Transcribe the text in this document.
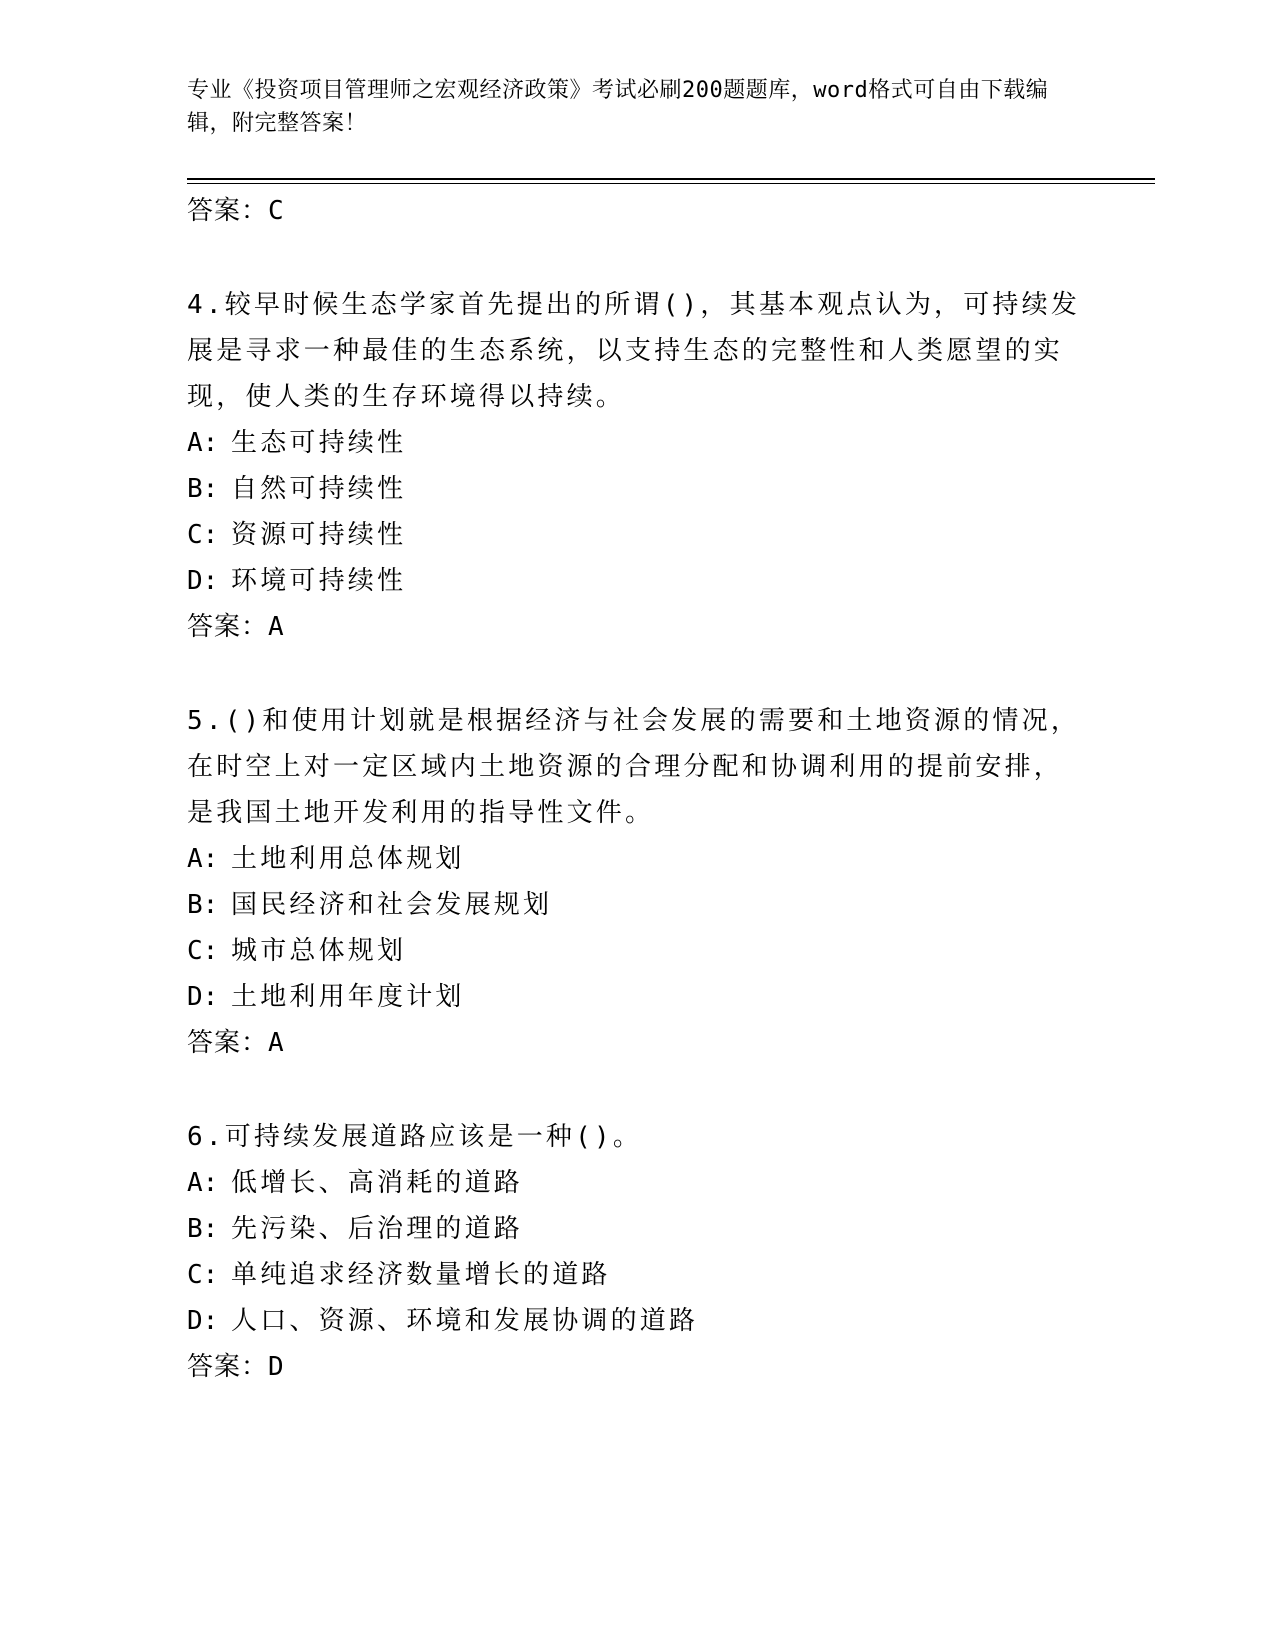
专业《投资项目管理师之宏观经济政策》考试必刷200题题库，word格式可自由下载编辑，附完整答案！
答案：C
4.较早时候生态学家首先提出的所谓()，其基本观点认为，可持续发展是寻求一种最佳的生态系统，以支持生态的完整性和人类愿望的实现，使人类的生存环境得以持续。
A: 生态可持续性
B: 自然可持续性
C: 资源可持续性
D: 环境可持续性
答案：A
5.()和使用计划就是根据经济与社会发展的需要和土地资源的情况，在时空上对一定区域内土地资源的合理分配和协调利用的提前安排，是我国土地开发利用的指导性文件。
A: 土地利用总体规划
B: 国民经济和社会发展规划
C: 城市总体规划
D: 土地利用年度计划
答案：A
6.可持续发展道路应该是一种()。
A: 低增长、高消耗的道路
B: 先污染、后治理的道路
C: 单纯追求经济数量增长的道路
D: 人口、资源、环境和发展协调的道路
答案：D
